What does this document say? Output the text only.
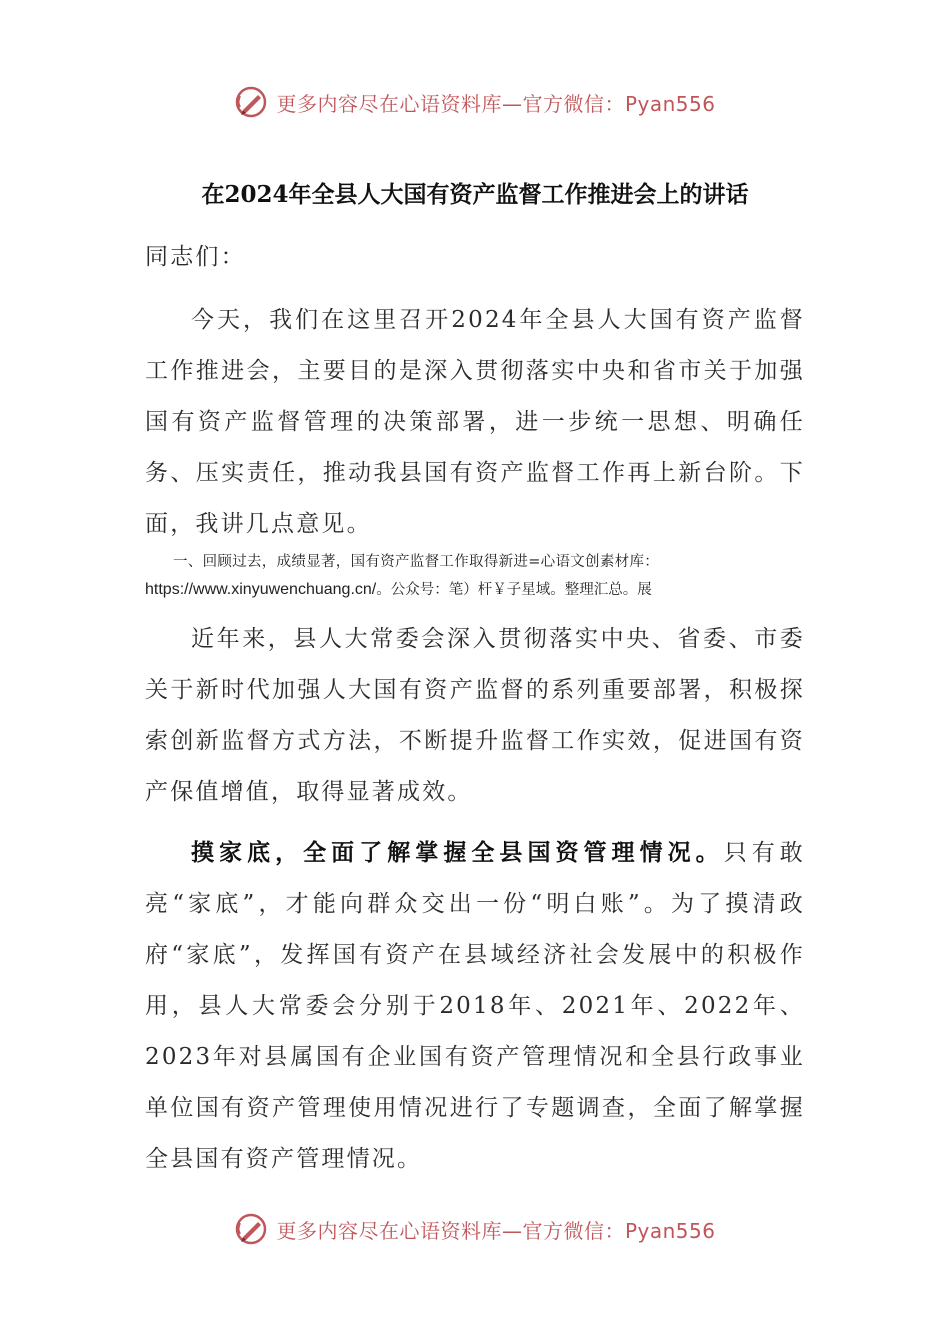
更多内容尽在心语资料库—官方微信：Pyan556
在2024年全县人大国有资产监督工作推进会上的讲话

同志们：

今天，我们在这里召开2024年全县人大国有资产监督工作推进会，主要目的是深入贯彻落实中央和省市关于加强国有资产监督管理的决策部署，进一步统一思想、明确任务、压实责任，推动我县国有资产监督工作再上新台阶。下面，我讲几点意见。

一、回顾过去，成绩显著，国有资产监督工作取得新进=心语文创素材库：
https://www.xinyuwenchuang.cn/。公众号：笔）杆￥子星域。整理汇总。展

近年来，县人大常委会深入贯彻落实中央、省委、市委关于新时代加强人大国有资产监督的系列重要部署，积极探索创新监督方式方法，不断提升监督工作实效，促进国有资产保值增值，取得显著成效。

摸家底，全面了解掌握全县国资管理情况。只有敢亮“家底”，才能向群众交出一份“明白账”。为了摸清政府“家底”，发挥国有资产在县域经济社会发展中的积极作用，县人大常委会分别于2018年、2021年、2022年、2023年对县属国有企业国有资产管理情况和全县行政事业单位国有资产管理使用情况进行了专题调查，全面了解掌握全县国有资产管理情况。

更多内容尽在心语资料库—官方微信：Pyan556
